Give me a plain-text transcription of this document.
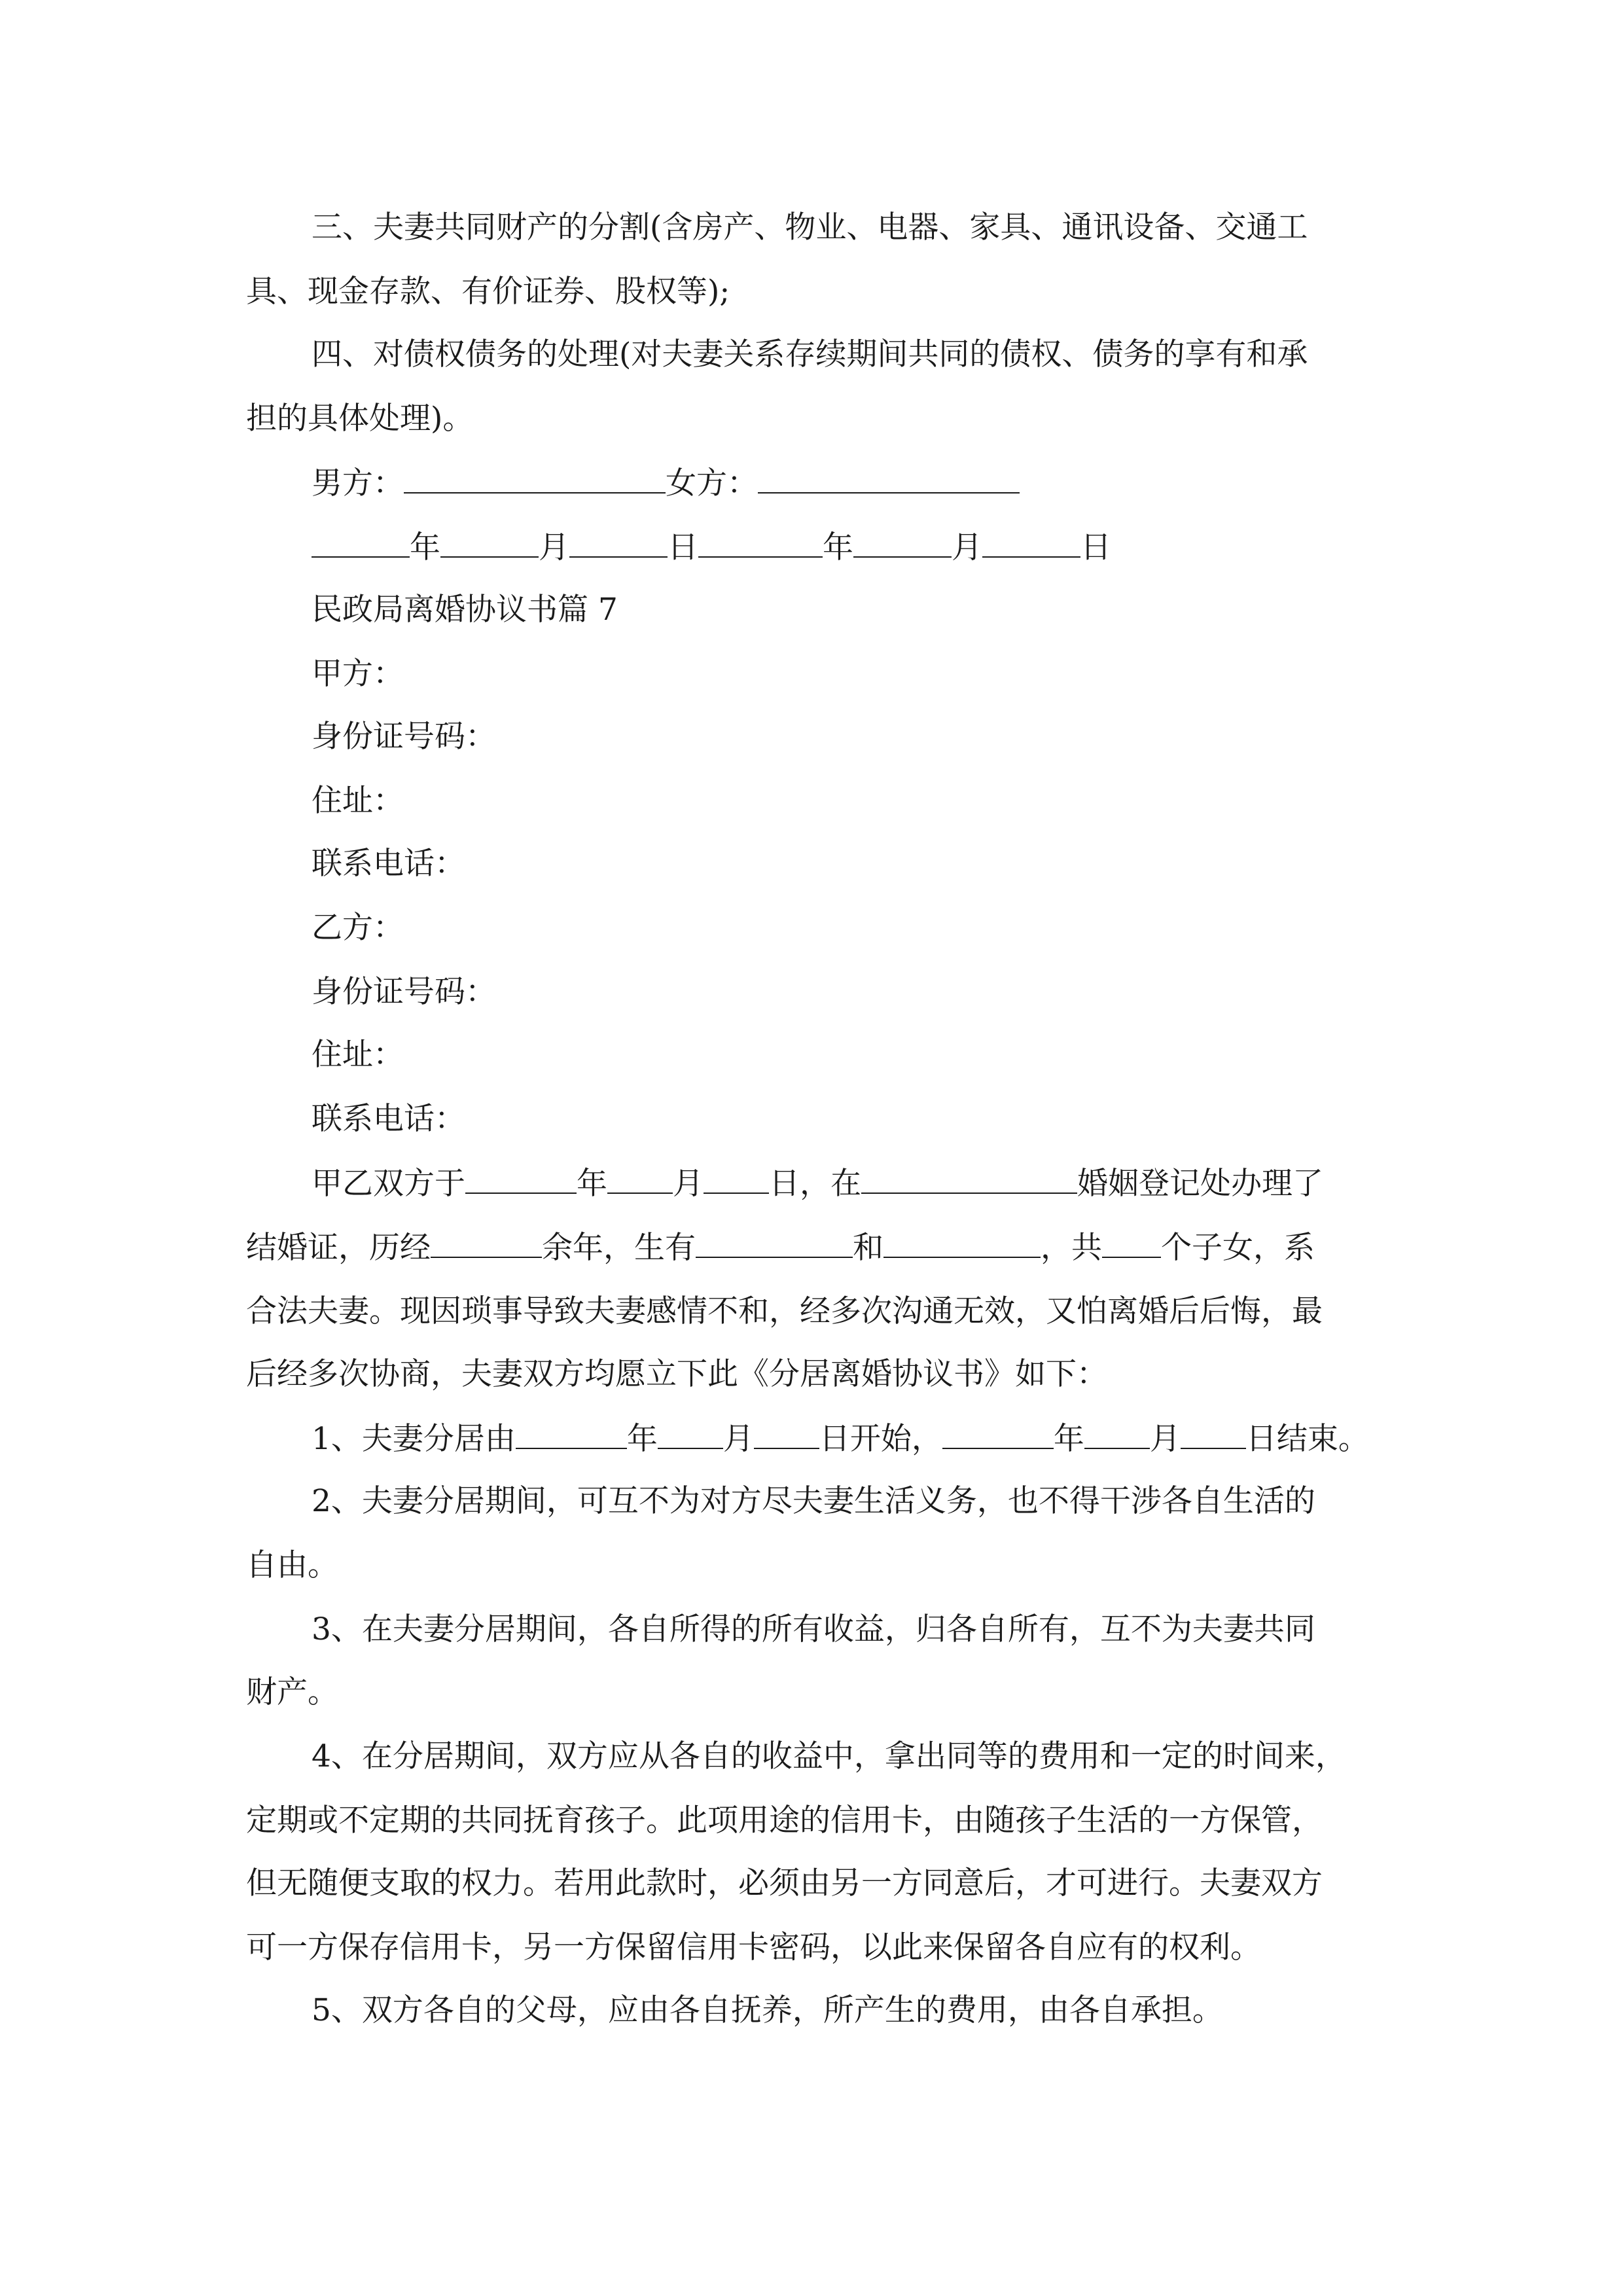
三、夫妻共同财产的分割(含房产、物业、电器、家具、通讯设备、交通工
具、现金存款、有价证券、股权等);
四、对债权债务的处理(对夫妻关系存续期间共同的债权、债务的享有和承
担的具体处理)。
男方：	女方：
年	月	日	年	月	日
民政局离婚协议书篇 7
甲方：
身份证号码：
住址：
联系电话：
乙方：
身份证号码：
住址：
联系电话：
甲乙双方于	年 月 日，在	婚姻登记处办理了
结婚证，历经	余年，生有	和	，共 个子女，系
合法夫妻。现因琐事导致夫妻感情不和，经多次沟通无效，又怕离婚后后悔，最
后经多次协商，夫妻双方均愿立下此《分居离婚协议书》如下：
1、夫妻分居由	年 月 日开始，	年 月 日结束。
2、夫妻分居期间，可互不为对方尽夫妻生活义务，也不得干涉各自生活的
自由。
3、在夫妻分居期间，各自所得的所有收益，归各自所有，互不为夫妻共同
财产。
4、在分居期间，双方应从各自的收益中，拿出同等的费用和一定的时间来，
定期或不定期的共同抚育孩子。此项用途的信用卡，由随孩子生活的一方保管，
但无随便支取的权力。若用此款时，必须由另一方同意后，才可进行。夫妻双方
可一方保存信用卡，另一方保留信用卡密码，以此来保留各自应有的权利。
5、双方各自的父母，应由各自抚养，所产生的费用，由各自承担。
